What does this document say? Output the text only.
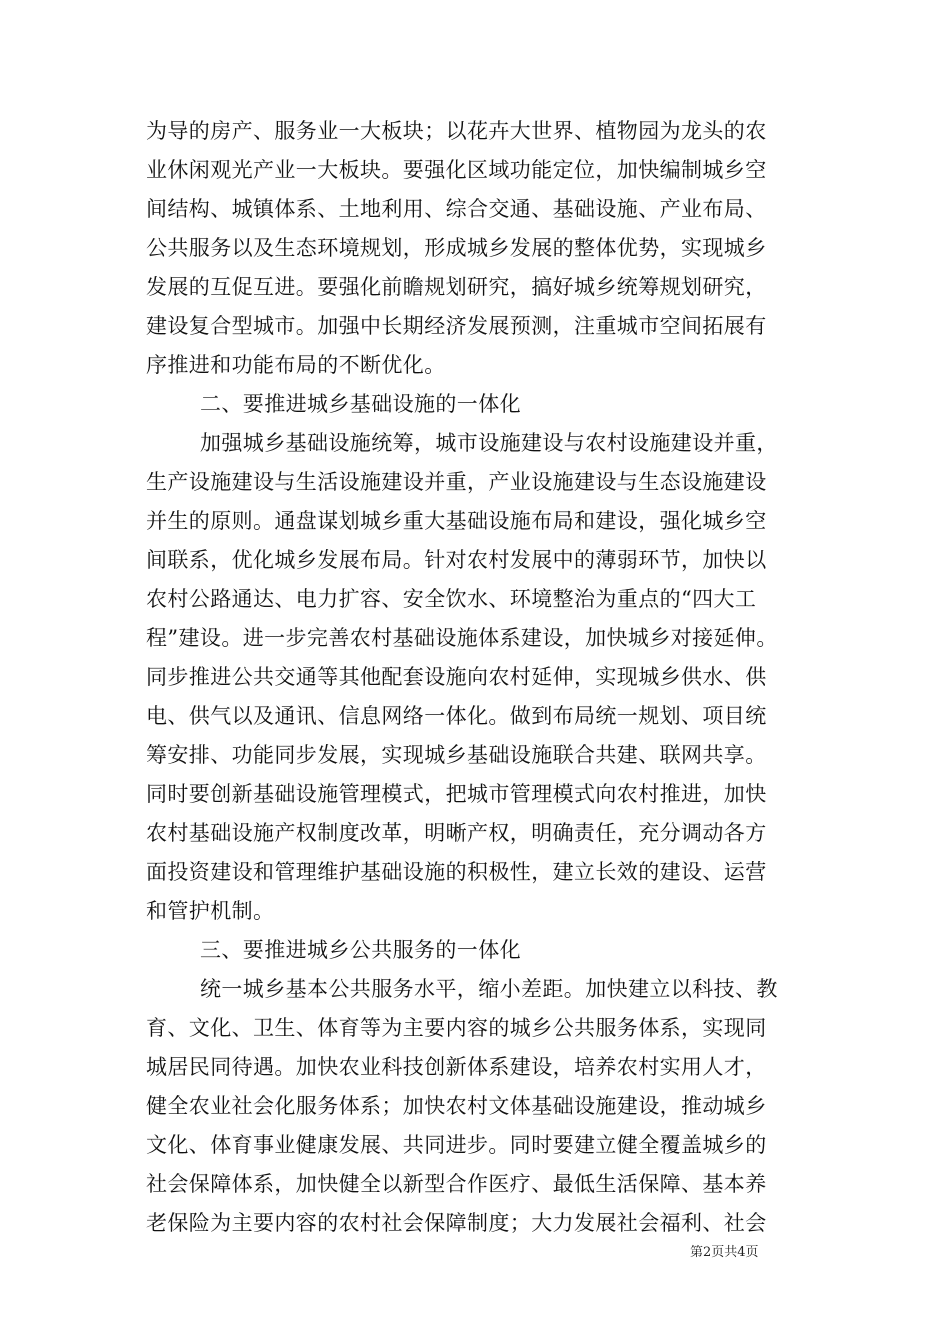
为导的房产、服务业一大板块；以花卉大世界、植物园为龙头的农
业休闲观光产业一大板块。要强化区域功能定位，加快编制城乡空
间结构、城镇体系、土地利用、综合交通、基础设施、产业布局、
公共服务以及生态环境规划，形成城乡发展的整体优势，实现城乡
发展的互促互进。要强化前瞻规划研究，搞好城乡统筹规划研究，
建设复合型城市。加强中长期经济发展预测，注重城市空间拓展有
序推进和功能布局的不断优化。
二、要推进城乡基础设施的一体化
加强城乡基础设施统筹，城市设施建设与农村设施建设并重，
生产设施建设与生活设施建设并重，产业设施建设与生态设施建设
并生的原则。通盘谋划城乡重大基础设施布局和建设，强化城乡空
间联系，优化城乡发展布局。针对农村发展中的薄弱环节，加快以
农村公路通达、电力扩容、安全饮水、环境整治为重点的“四大工
程”建设。进一步完善农村基础设施体系建设，加快城乡对接延伸。
同步推进公共交通等其他配套设施向农村延伸，实现城乡供水、供
电、供气以及通讯、信息网络一体化。做到布局统一规划、项目统
筹安排、功能同步发展，实现城乡基础设施联合共建、联网共享。
同时要创新基础设施管理模式，把城市管理模式向农村推进，加快
农村基础设施产权制度改革，明晰产权，明确责任，充分调动各方
面投资建设和管理维护基础设施的积极性，建立长效的建设、运营
和管护机制。
三、要推进城乡公共服务的一体化
统一城乡基本公共服务水平，缩小差距。加快建立以科技、教
育、文化、卫生、体育等为主要内容的城乡公共服务体系，实现同
城居民同待遇。加快农业科技创新体系建设，培养农村实用人才，
健全农业社会化服务体系；加快农村文体基础设施建设，推动城乡
文化、体育事业健康发展、共同进步。同时要建立健全覆盖城乡的
社会保障体系，加快健全以新型合作医疗、最低生活保障、基本养
老保险为主要内容的农村社会保障制度；大力发展社会福利、社会
第2页共4页
